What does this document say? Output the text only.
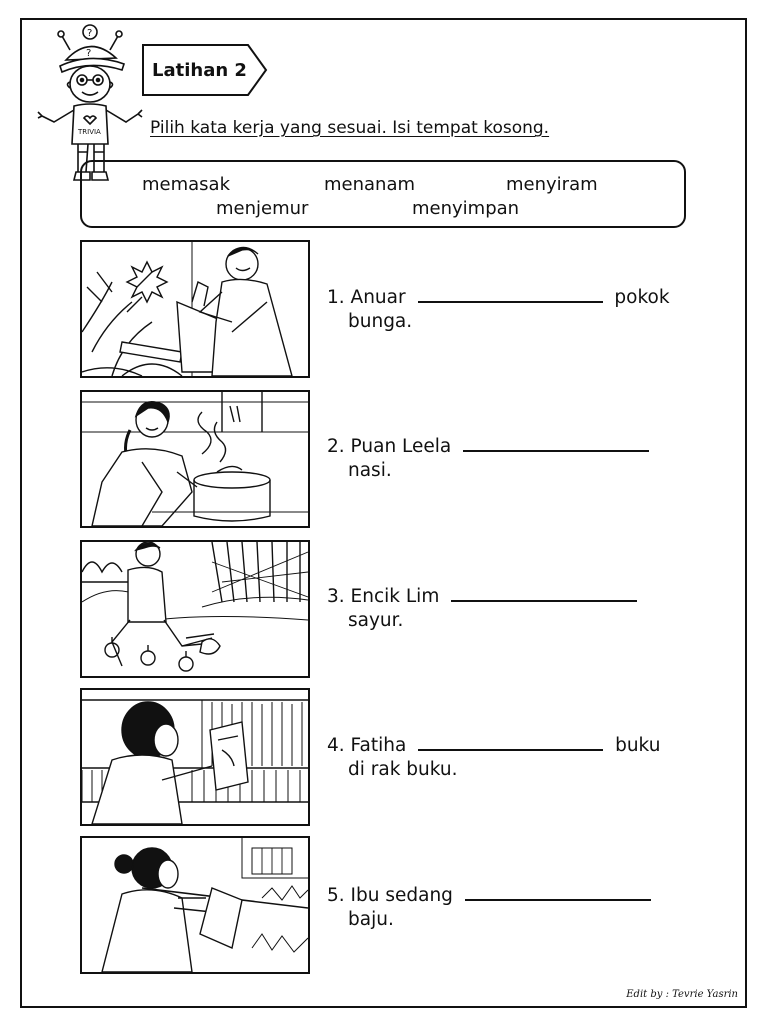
?
?
TRIVIA
Latihan 2
Pilih kata kerja yang sesuai. Isi tempat kosong.
memasak	menanam	menyiram
menjemur	menyimpan
1. Anuar	pokok
bunga.
2. Puan Leela
nasi.
3. Encik Lim
sayur.
4. Fatiha	buku
di rak buku.
5. Ibu sedang
baju.
Edit by : Tevrie Yasrin
